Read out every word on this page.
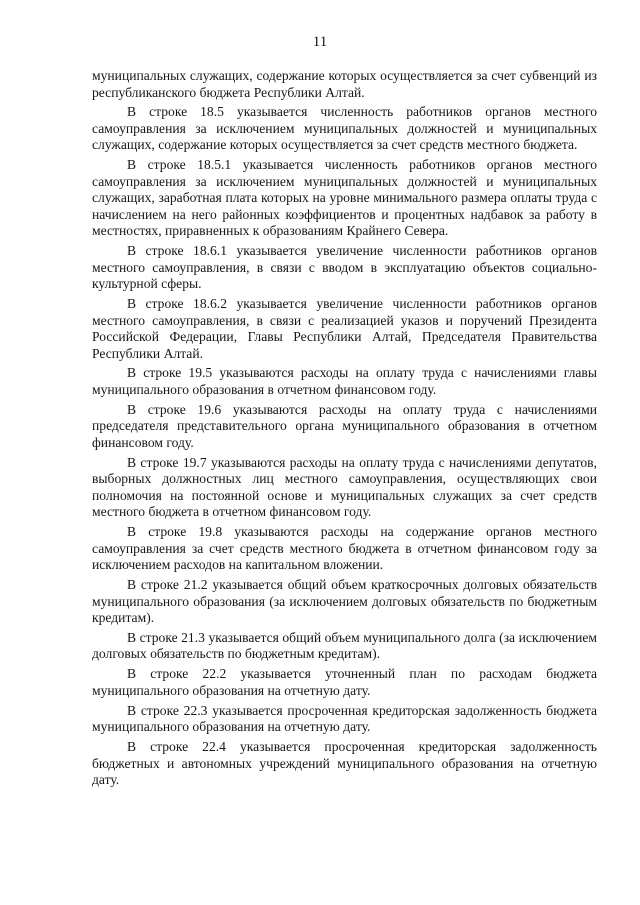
11

муниципальных служащих, содержание которых осуществляется за счет субвенций из республиканского бюджета Республики Алтай.

В строке 18.5 указывается численность работников органов местного самоуправления за исключением муниципальных должностей и муниципальных служащих, содержание которых осуществляется за счет средств местного бюджета.

В строке 18.5.1 указывается численность работников органов местного самоуправления за исключением муниципальных должностей и муниципальных служащих, заработная плата которых на уровне минимального размера оплаты труда с начислением на него районных коэффициентов и процентных надбавок за работу в местностях, приравненных к образованиям Крайнего Севера.

В строке 18.6.1 указывается увеличение численности работников органов местного самоуправления, в связи с вводом в эксплуатацию объектов социально-культурной сферы.

В строке 18.6.2 указывается увеличение численности работников органов местного самоуправления, в связи с реализацией указов и поручений Президента Российской Федерации, Главы Республики Алтай, Председателя Правительства Республики Алтай.

В строке 19.5 указываются расходы на оплату труда с начислениями главы муниципального образования в отчетном финансовом году.

В строке 19.6 указываются расходы на оплату труда с начислениями председателя представительного органа муниципального образования в отчетном финансовом году.

В строке 19.7 указываются расходы на оплату труда с начислениями депутатов, выборных должностных лиц местного самоуправления, осуществляющих свои полномочия на постоянной основе и муниципальных служащих за счет средств местного бюджета в отчетном финансовом году.

В строке 19.8 указываются расходы на содержание органов местного самоуправления за счет средств местного бюджета в отчетном финансовом году за исключением расходов на капитальном вложении.

В строке 21.2 указывается общий объем краткосрочных долговых обязательств муниципального образования (за исключением долговых обязательств по бюджетным кредитам).

В строке 21.3 указывается общий объем муниципального долга (за исключением долговых обязательств по бюджетным кредитам).

В строке 22.2 указывается уточненный план по расходам бюджета муниципального образования на отчетную дату.

В строке 22.3 указывается просроченная кредиторская задолженность бюджета муниципального образования на отчетную дату.

В строке 22.4 указывается просроченная кредиторская задолженность бюджетных и автономных учреждений муниципального образования на отчетную дату.
